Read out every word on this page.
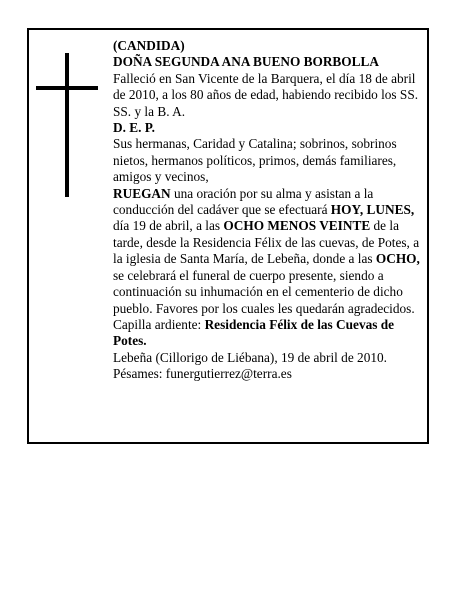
(CANDIDA)

DOÑA SEGUNDA ANA BUENO BORBOLLA

Falleció en San Vicente de la Barquera, el día 18 de abril de 2010, a los 80 años de edad, habiendo recibido los SS. SS. y la B. A.

D. E. P.

Sus hermanas, Caridad y Catalina; sobrinos, sobrinos nietos, hermanos políticos, primos, demás familiares, amigos y vecinos,

RUEGAN una oración por su alma y asistan a la conducción del cadáver que se efectuará HOY, LUNES, día 19 de abril, a las OCHO MENOS VEINTE de la tarde, desde la Residencia Félix de las cuevas, de Potes, a la iglesia de Santa María, de Lebeña, donde a las OCHO, se celebrará el funeral de cuerpo presente, siendo a continuación su inhumación en el cementerio de dicho pueblo. Favores por los cuales les quedarán agradecidos. Capilla ardiente: Residencia Félix de las Cuevas de Potes.

Lebeña (Cillorigo de Liébana), 19 de abril de 2010.

Pésames: funergutierrez@terra.es
